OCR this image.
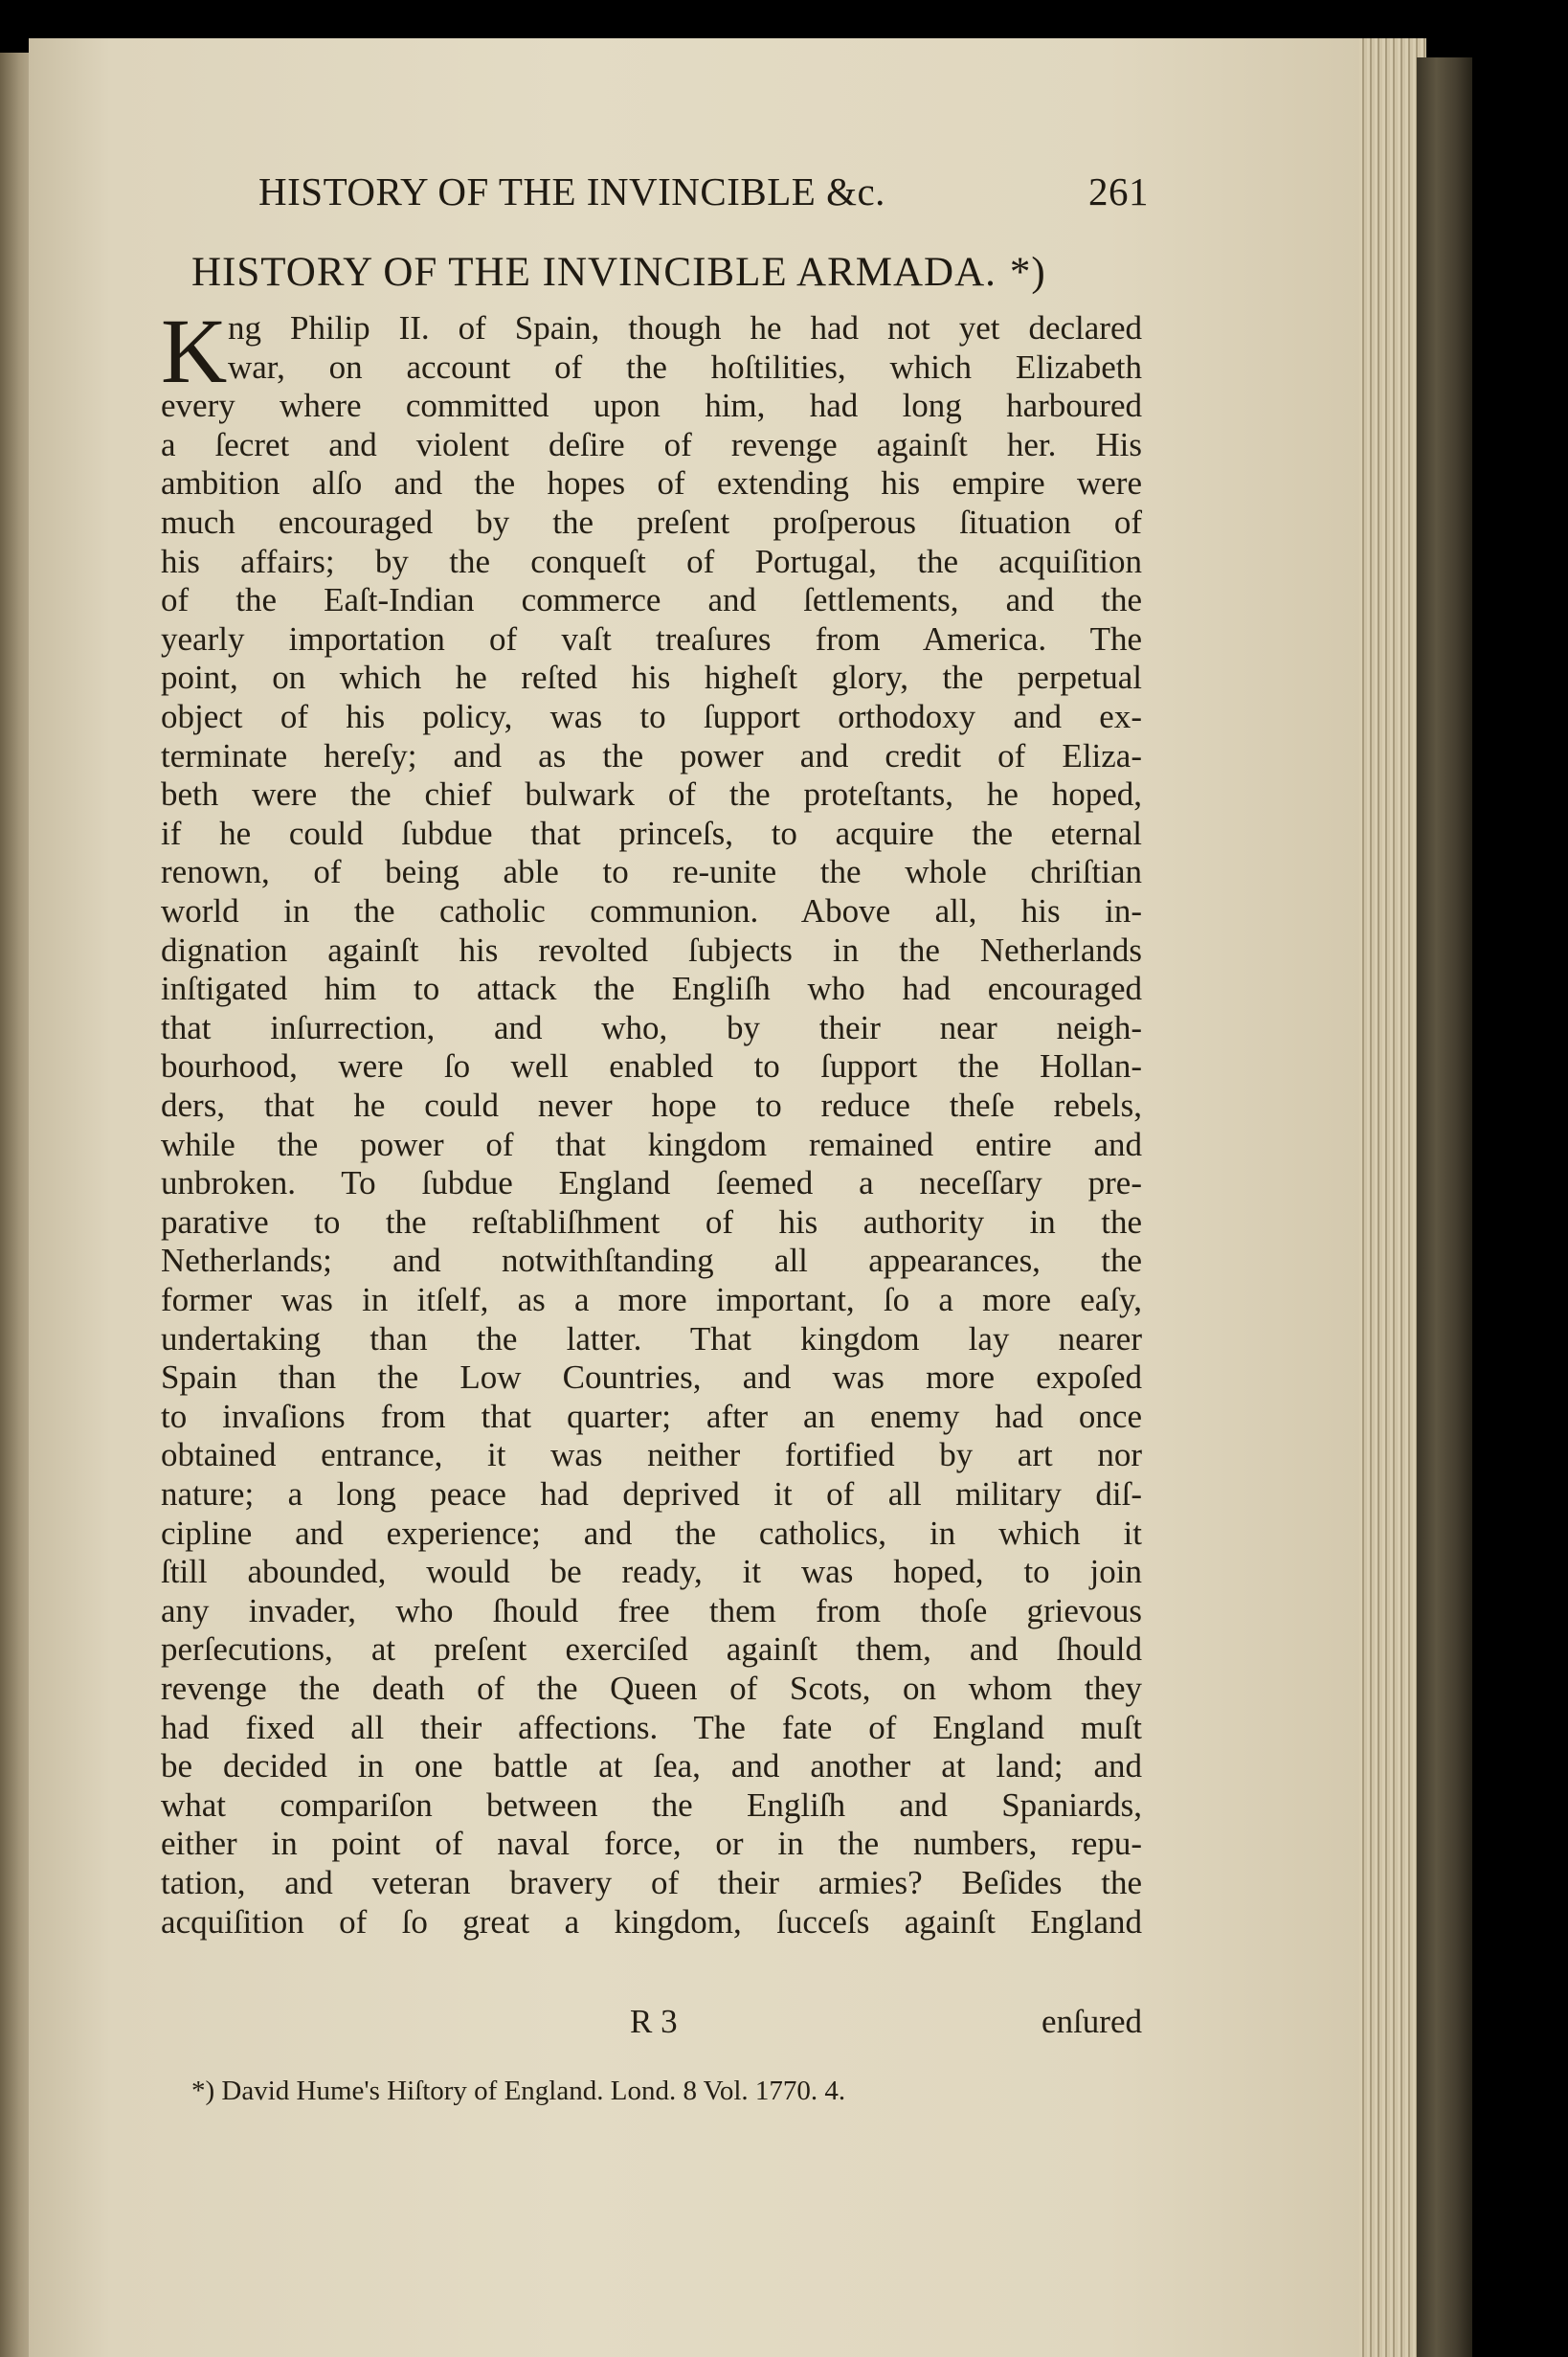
HISTORY OF THE INVINCIBLE &c.	261
HISTORY OF THE INVINCIBLE ARMADA. *)
K ng Philip II. of Spain, though he had not yet declared
war, on account of the hoſtilities, which Elizabeth
every where committed upon him, had long harboured
a ſecret and violent deſire of revenge againſt her. His
ambition alſo and the hopes of extending his empire were
much encouraged by the preſent proſperous ſituation of
his affairs; by the conqueſt of Portugal, the acquiſition
of the Eaſt-Indian commerce and ſettlements, and the
yearly importation of vaſt treaſures from America. The
point, on which he reſted his higheſt glory, the perpetual
object of his policy, was to ſupport orthodoxy and ex-
terminate hereſy; and as the power and credit of Eliza-
beth were the chief bulwark of the proteſtants, he hoped,
if he could ſubdue that princeſs, to acquire the eternal
renown, of being able to re-unite the whole chriſtian
world in the catholic communion. Above all, his in-
dignation againſt his revolted ſubjects in the Netherlands
inſtigated him to attack the Engliſh who had encouraged
that inſurrection, and who, by their near neigh-
bourhood, were ſo well enabled to ſupport the Hollan-
ders, that he could never hope to reduce theſe rebels,
while the power of that kingdom remained entire and
unbroken. To ſubdue England ſeemed a neceſſary pre-
parative to the reſtabliſhment of his authority in the
Netherlands; and notwithſtanding all appearances, the
former was in itſelf, as a more important, ſo a more eaſy,
undertaking than the latter. That kingdom lay nearer
Spain than the Low Countries, and was more expoſed
to invaſions from that quarter; after an enemy had once
obtained entrance, it was neither fortified by art nor
nature; a long peace had deprived it of all military diſ-
cipline and experience; and the catholics, in which it
ſtill abounded, would be ready, it was hoped, to join
any invader, who ſhould free them from thoſe grievous
perſecutions, at preſent exerciſed againſt them, and ſhould
revenge the death of the Queen of Scots, on whom they
had fixed all their affections. The fate of England muſt
be decided in one battle at ſea, and another at land; and
what compariſon between the Engliſh and Spaniards,
either in point of naval force, or in the numbers, repu-
tation, and veteran bravery of their armies? Beſides the
acquiſition of ſo great a kingdom, ſucceſs againſt England
R 3	enſured
*) David Hume's Hiſtory of England. Lond. 8 Vol. 1770. 4.
